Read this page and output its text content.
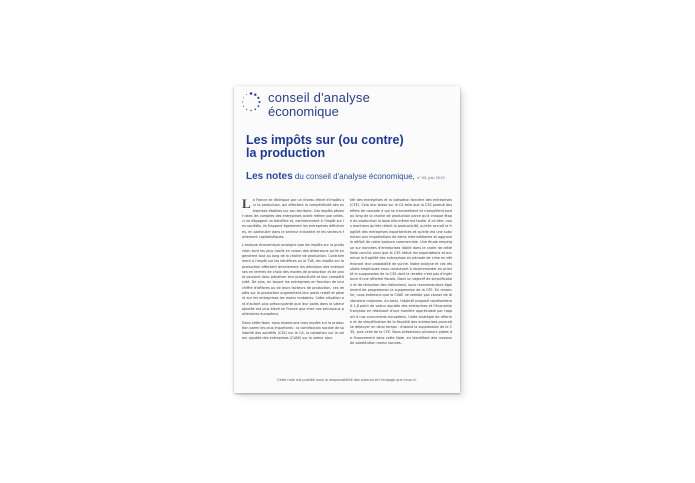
conseil d'analyse
économique
Les impôts sur (ou contre)
la production
Les notes du conseil d'analyse économique, n° 53, juin 2019

La France se distingue par un niveau élevé d'impôts sur la production, qui affectent la compétitivité des entreprises établies sur son territoire. Ces impôts pèsent dans les comptes des entreprises avant même que celles-ci ne dégagent un bénéfice et, contrairement à l'impôt sur les sociétés, ils frappent également les entreprises déficitaires, en particulier dans le secteur industriel et les secteurs fortement capitalistiques.

L'analyse économique enseigne que les impôts sur la production sont les plus nocifs en raison des distorsions qu'ils engendrent tout au long de la chaîne de production. Contrairement à l'impôt sur les bénéfices ou la TVA, les impôts sur la production affectent directement les décisions des entreprises en termes de choix des modes de production et de prix et peuvent donc pénaliser leur productivité et leur compétitivité. De plus, en taxant les entreprises en fonction de leur chiffre d'affaires ou de leurs facteurs de production, ces impôts sur la production augmentent leur poids relatif et pèsent sur les entreprises les moins rentables. Cette situation est d'autant plus préoccupante que leur poids dans la valeur ajoutée est plus élevé en France que chez nos principaux partenaires européens.

Dans cette Note, nous examinons trois impôts sur la production parmi les plus importants : la contribution sociale de solidarité des sociétés (C3S) sur le CA, la cotisation sur la valeur ajoutée des entreprises (CVAE) sur la valeur ajou-

tée des entreprises et la cotisation foncière des entreprises (CFE). Cela leur laisse sur le CA telle que la C3S produit des effets de cascade à qui se transmettent et s'amplifient tout au long de la chaîne de production parce qu'à chaque étape de production la base elle-même est taxée. À ce titre, nous montrons qu'elle réduit la productivité, qu'elle accroît la fragilité des entreprises exportatrices et qu'elle est une subvention aux importations de biens intermédiaires et aggrave le déficit de notre balance commerciale. Une étude empirique sur données d'entreprises lisible dans le cadre de cette Note conclut ainsi que la C3S réduit les exportations et accentue la fragilité des entreprises en période de crise en détériorant leur probabilité de survie. Notre analyse et ces résultats empiriques nous conduisent à recommander en priorité la suppression de la C3S dont la recette n'est pas d'ingérence d'une réforme fiscale. Dans un objectif de simplification et de réduction des distorsions, nous recommandons également de programmer la suppression de la CFE. En revanche, nous estimons que la CVAE ne semble pas causer de distorsions majeures. Au total, l'objectif proposé représenterait 1,6 point de valeur ajoutée des entreprises et l'économie française en réduisant d'une manière appréciable par rapport à nos concurrents européens. Cette stratégie de réforme et de simplification de la fiscalité des entreprises pourrait se déployer en deux temps : d'abord la suppression de la C3S, puis celle de la CFE. Nous présentons plusieurs pistes de financement dans cette Note, en identifiant des niveaux de substitution moins nocives.

Cette note est publiée sous la responsabilité des auteurs et n'engage que ceux-ci.
